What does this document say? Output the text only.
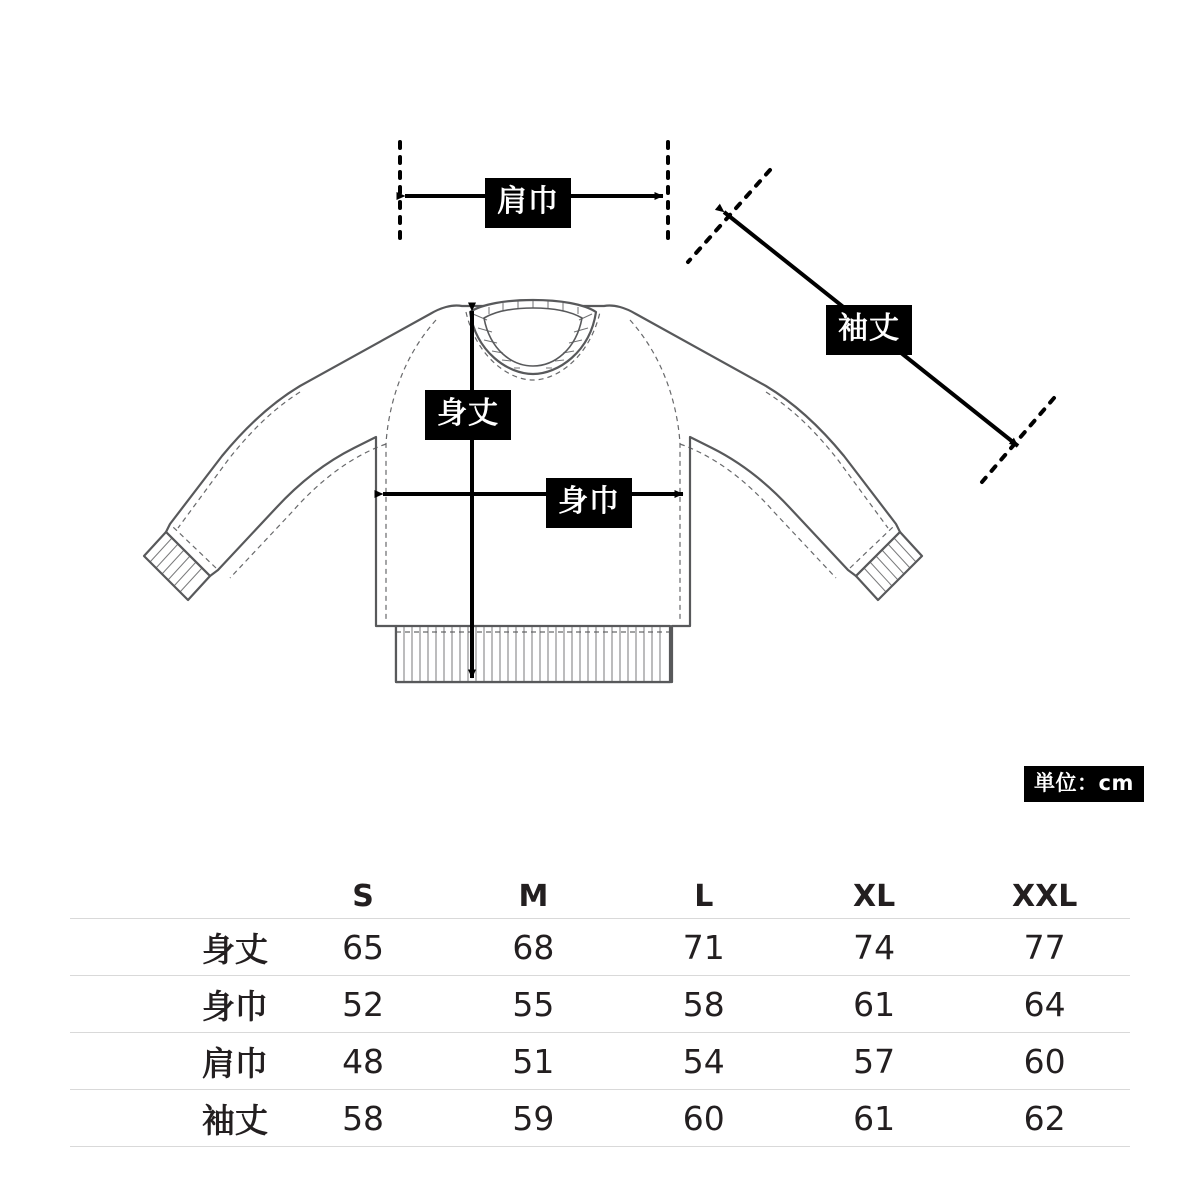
肩巾
袖丈
身丈
身巾
単位：cm
	S	M	L	XL	XXL
身丈	65	68	71	74	77
身巾	52	55	58	61	64
肩巾	48	51	54	57	60
袖丈	58	59	60	61	62
